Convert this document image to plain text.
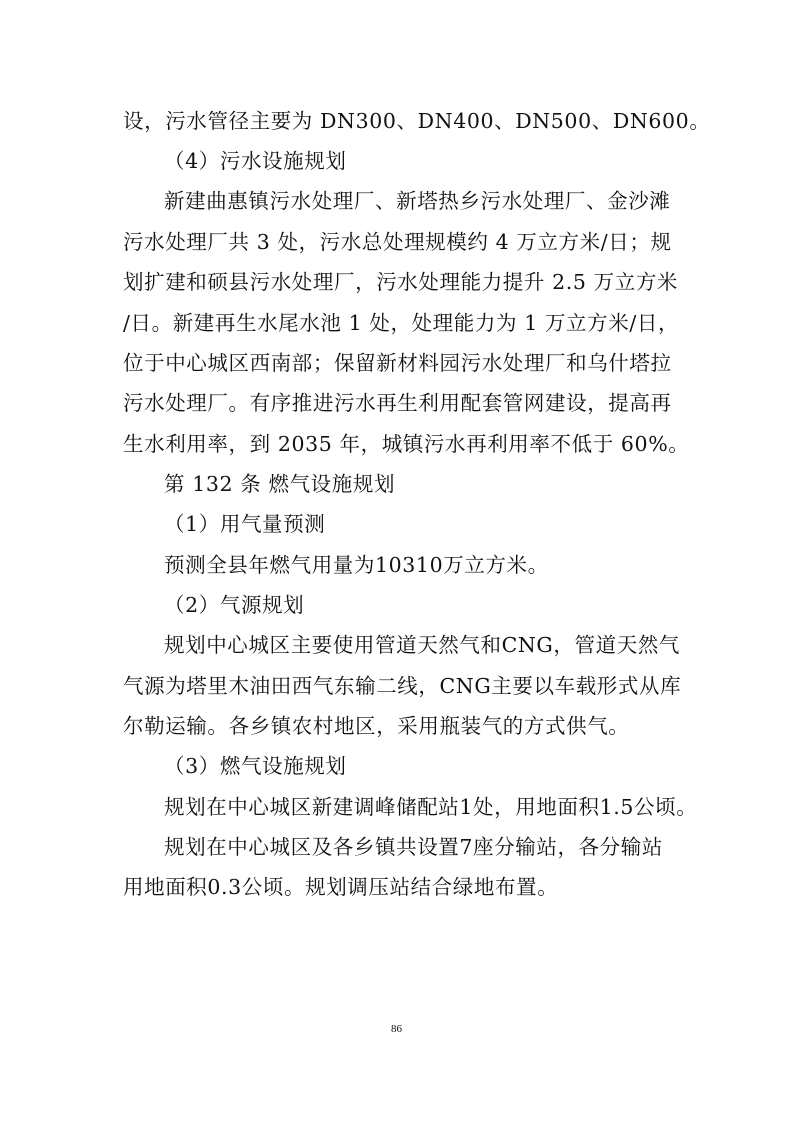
设，污水管径主要为 DN300、DN400、DN500、DN600。
（4）污水设施规划
新建曲惠镇污水处理厂、新塔热乡污水处理厂、金沙滩
污水处理厂共 3 处，污水总处理规模约 4 万立方米/日；规
划扩建和硕县污水处理厂，污水处理能力提升 2.5 万立方米
/日。新建再生水尾水池 1 处，处理能力为 1 万立方米/日，
位于中心城区西南部；保留新材料园污水处理厂和乌什塔拉
污水处理厂。有序推进污水再生利用配套管网建设，提高再
生水利用率，到 2035 年，城镇污水再利用率不低于 60%。
第 132 条 燃气设施规划
（1）用气量预测
预测全县年燃气用量为10310万立方米。
（2）气源规划
规划中心城区主要使用管道天然气和CNG，管道天然气
气源为塔里木油田西气东输二线，CNG主要以车载形式从库
尔勒运输。各乡镇农村地区，采用瓶装气的方式供气。
（3）燃气设施规划
规划在中心城区新建调峰储配站1处，用地面积1.5公顷。
规划在中心城区及各乡镇共设置7座分输站，各分输站
用地面积0.3公顷。规划调压站结合绿地布置。
86
